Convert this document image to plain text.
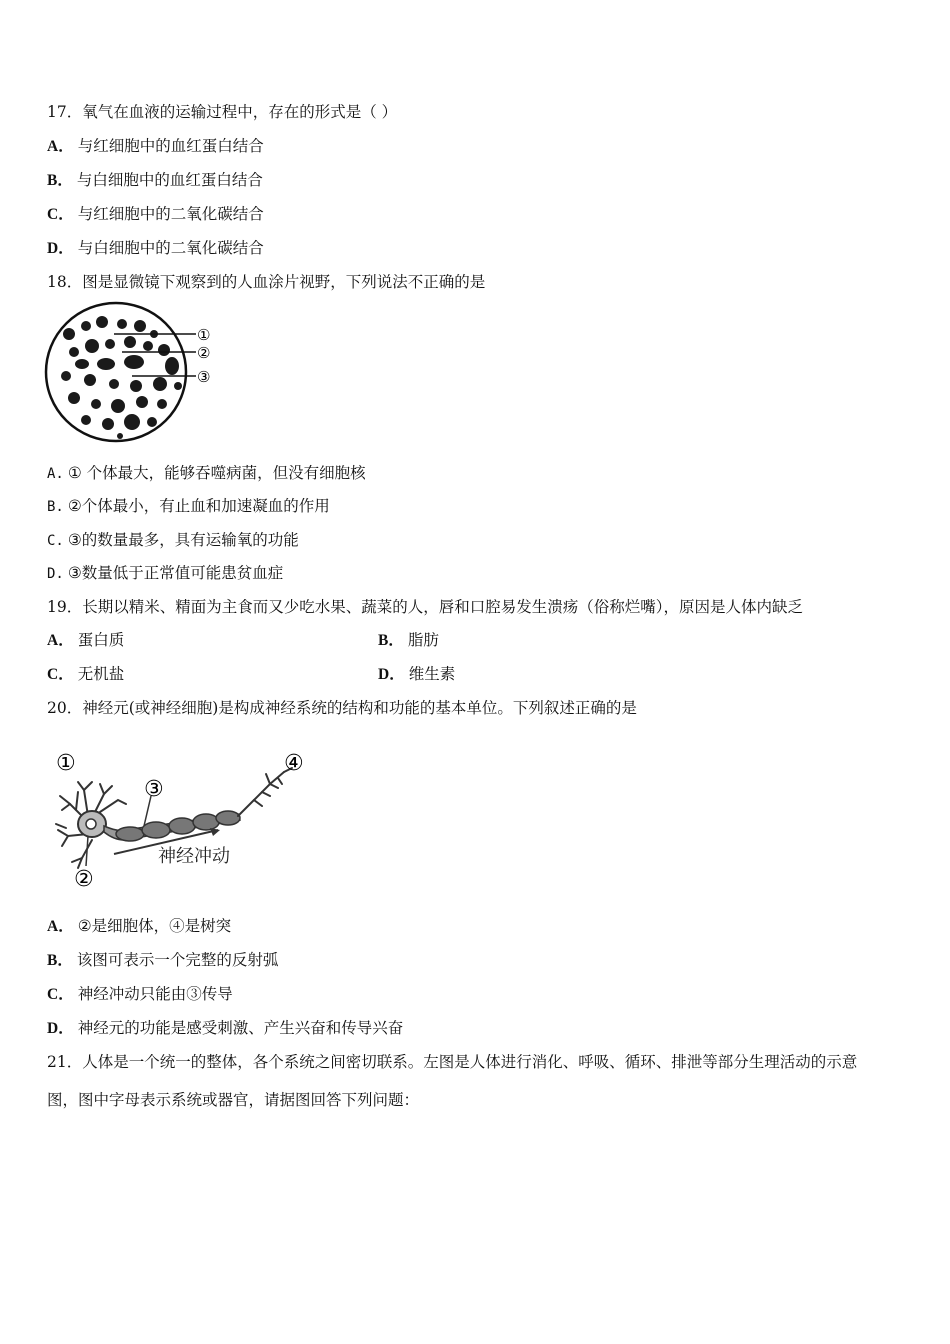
17．氧气在血液的运输过程中，存在的形式是（ ）
A． 与红细胞中的血红蛋白结合
B． 与白细胞中的血红蛋白结合
C． 与红细胞中的二氧化碳结合
D． 与白细胞中的二氧化碳结合
18．图是显微镜下观察到的人血涂片视野，下列说法不正确的是
①
②
③
A. ① 个体最大，能够吞噬病菌，但没有细胞核
B. ②个体最小，有止血和加速凝血的作用
C. ③的数量最多，具有运输氧的功能
D. ③数量低于正常值可能患贫血症
19．长期以精米、精面为主食而又少吃水果、蔬菜的人，唇和口腔易发生溃疡（俗称烂嘴），原因是人体内缺乏
A． 蛋白质	B． 脂肪
C． 无机盐	D． 维生素
20．神经元(或神经细胞)是构成神经系统的结构和功能的基本单位。下列叙述正确的是
①
②
③
④
神经冲动
A． ②是细胞体，④是树突
B． 该图可表示一个完整的反射弧
C． 神经冲动只能由③传导
D． 神经元的功能是感受刺激、产生兴奋和传导兴奋
21．人体是一个统一的整体，各个系统之间密切联系。左图是人体进行消化、呼吸、循环、排泄等部分生理活动的示意
图，图中字母表示系统或器官，请据图回答下列问题：
